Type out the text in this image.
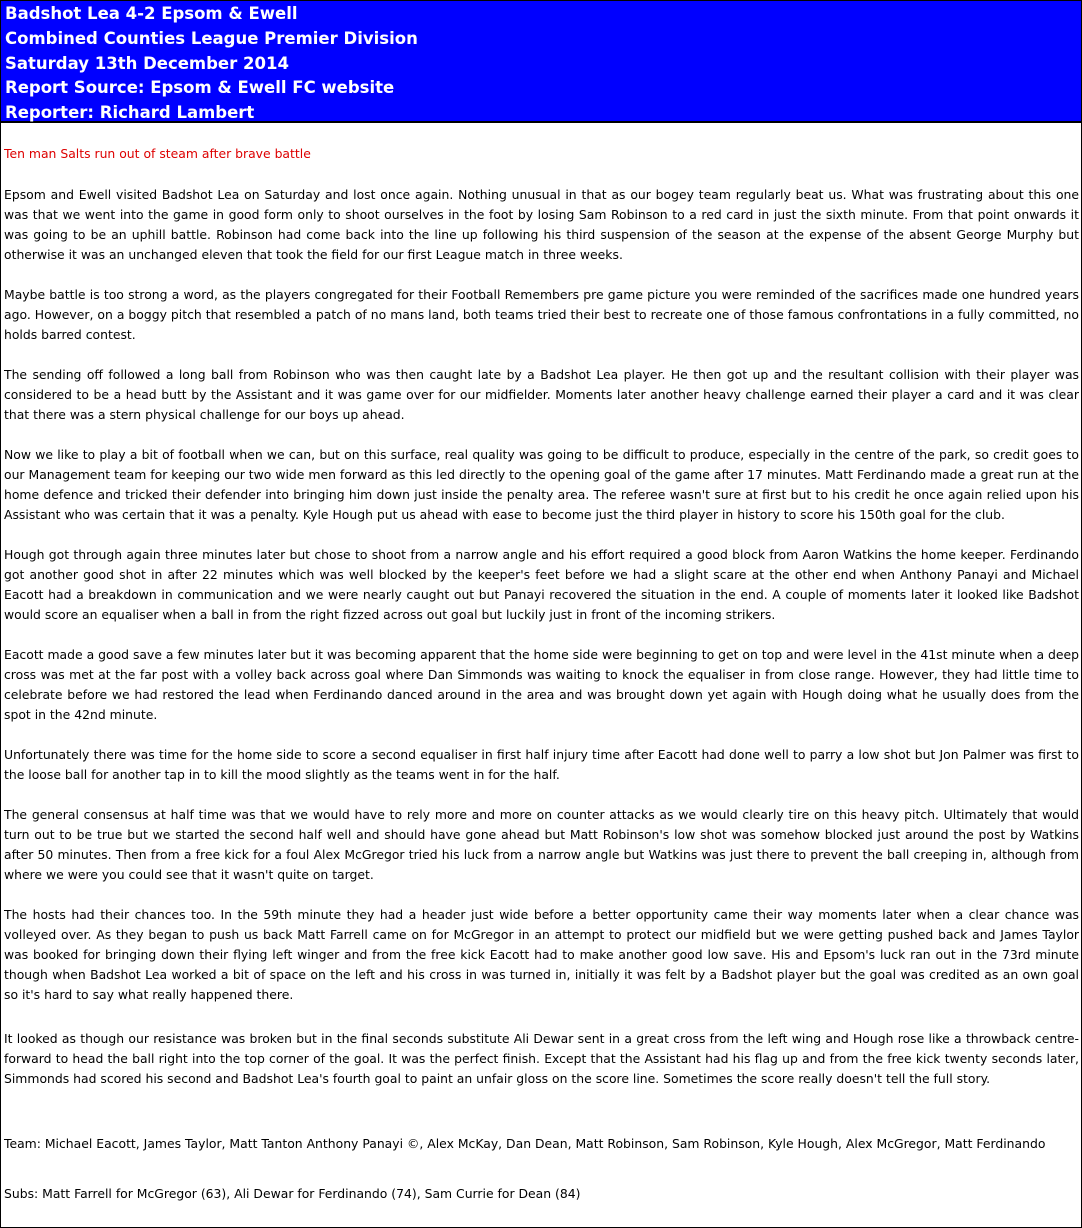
Badshot Lea 4-2 Epsom & Ewell
Combined Counties League Premier Division
Saturday 13th December 2014
Report Source: Epsom & Ewell FC website
Reporter: Richard Lambert
Ten man Salts run out of steam after brave battle
Epsom and Ewell visited Badshot Lea on Saturday and lost once again. Nothing unusual in that as our bogey team regularly beat us. What was frustrating about this one was that we went into the game in good form only to shoot ourselves in the foot by losing Sam Robinson to a red card in just the sixth minute. From that point onwards it was going to be an uphill battle. Robinson had come back into the line up following his third suspension of the season at the expense of the absent George Murphy but otherwise it was an unchanged eleven that took the field for our first League match in three weeks.
Maybe battle is too strong a word, as the players congregated for their Football Remembers pre game picture you were reminded of the sacrifices made one hundred years ago. However, on a boggy pitch that resembled a patch of no mans land, both teams tried their best to recreate one of those famous confrontations in a fully committed, no holds barred contest.
The sending off followed a long ball from Robinson who was then caught late by a Badshot Lea player. He then got up and the resultant collision with their player was considered to be a head butt by the Assistant and it was game over for our midfielder. Moments later another heavy challenge earned their player a card and it was clear that there was a stern physical challenge for our boys up ahead.
Now we like to play a bit of football when we can, but on this surface, real quality was going to be difficult to produce, especially in the centre of the park, so credit goes to our Management team for keeping our two wide men forward as this led directly to the opening goal of the game after 17 minutes. Matt Ferdinando made a great run at the home defence and tricked their defender into bringing him down just inside the penalty area. The referee wasn't sure at first but to his credit he once again relied upon his Assistant who was certain that it was a penalty. Kyle Hough put us ahead with ease to become just the third player in history to score his 150th goal for the club.
Hough got through again three minutes later but chose to shoot from a narrow angle and his effort required a good block from Aaron Watkins the home keeper. Ferdinando got another good shot in after 22 minutes which was well blocked by the keeper's feet before we had a slight scare at the other end when Anthony Panayi and Michael Eacott had a breakdown in communication and we were nearly caught out but Panayi recovered the situation in the end. A couple of moments later it looked like Badshot would score an equaliser when a ball in from the right fizzed across out goal but luckily just in front of the incoming strikers.
Eacott made a good save a few minutes later but it was becoming apparent that the home side were beginning to get on top and were level in the 41st minute when a deep cross was met at the far post with a volley back across goal where Dan Simmonds was waiting to knock the equaliser in from close range. However, they had little time to celebrate before we had restored the lead when Ferdinando danced around in the area and was brought down yet again with Hough doing what he usually does from the spot in the 42nd minute.
Unfortunately there was time for the home side to score a second equaliser in first half injury time after Eacott had done well to parry a low shot but Jon Palmer was first to the loose ball for another tap in to kill the mood slightly as the teams went in for the half.
The general consensus at half time was that we would have to rely more and more on counter attacks as we would clearly tire on this heavy pitch. Ultimately that would turn out to be true but we started the second half well and should have gone ahead but Matt Robinson's low shot was somehow blocked just around the post by Watkins after 50 minutes. Then from a free kick for a foul Alex McGregor tried his luck from a narrow angle but Watkins was just there to prevent the ball creeping in, although from where we were you could see that it wasn't quite on target.
The hosts had their chances too. In the 59th minute they had a header just wide before a better opportunity came their way moments later when a clear chance was volleyed over. As they began to push us back Matt Farrell came on for McGregor in an attempt to protect our midfield but we were getting pushed back and James Taylor was booked for bringing down their flying left winger and from the free kick Eacott had to make another good low save. His and Epsom's luck ran out in the 73rd minute though when Badshot Lea worked a bit of space on the left and his cross in was turned in, initially it was felt by a Badshot player but the goal was credited as an own goal so it's hard to say what really happened there.
It looked as though our resistance was broken but in the final seconds substitute Ali Dewar sent in a great cross from the left wing and Hough rose like a throwback centre-forward to head the ball right into the top corner of the goal. It was the perfect finish. Except that the Assistant had his flag up and from the free kick twenty seconds later, Simmonds had scored his second and Badshot Lea's fourth goal to paint an unfair gloss on the score line. Sometimes the score really doesn't tell the full story.
Team: Michael Eacott, James Taylor, Matt Tanton Anthony Panayi ©, Alex McKay, Dan Dean, Matt Robinson, Sam Robinson, Kyle Hough, Alex McGregor, Matt Ferdinando
Subs: Matt Farrell for McGregor (63), Ali Dewar for Ferdinando (74), Sam Currie for Dean (84)
